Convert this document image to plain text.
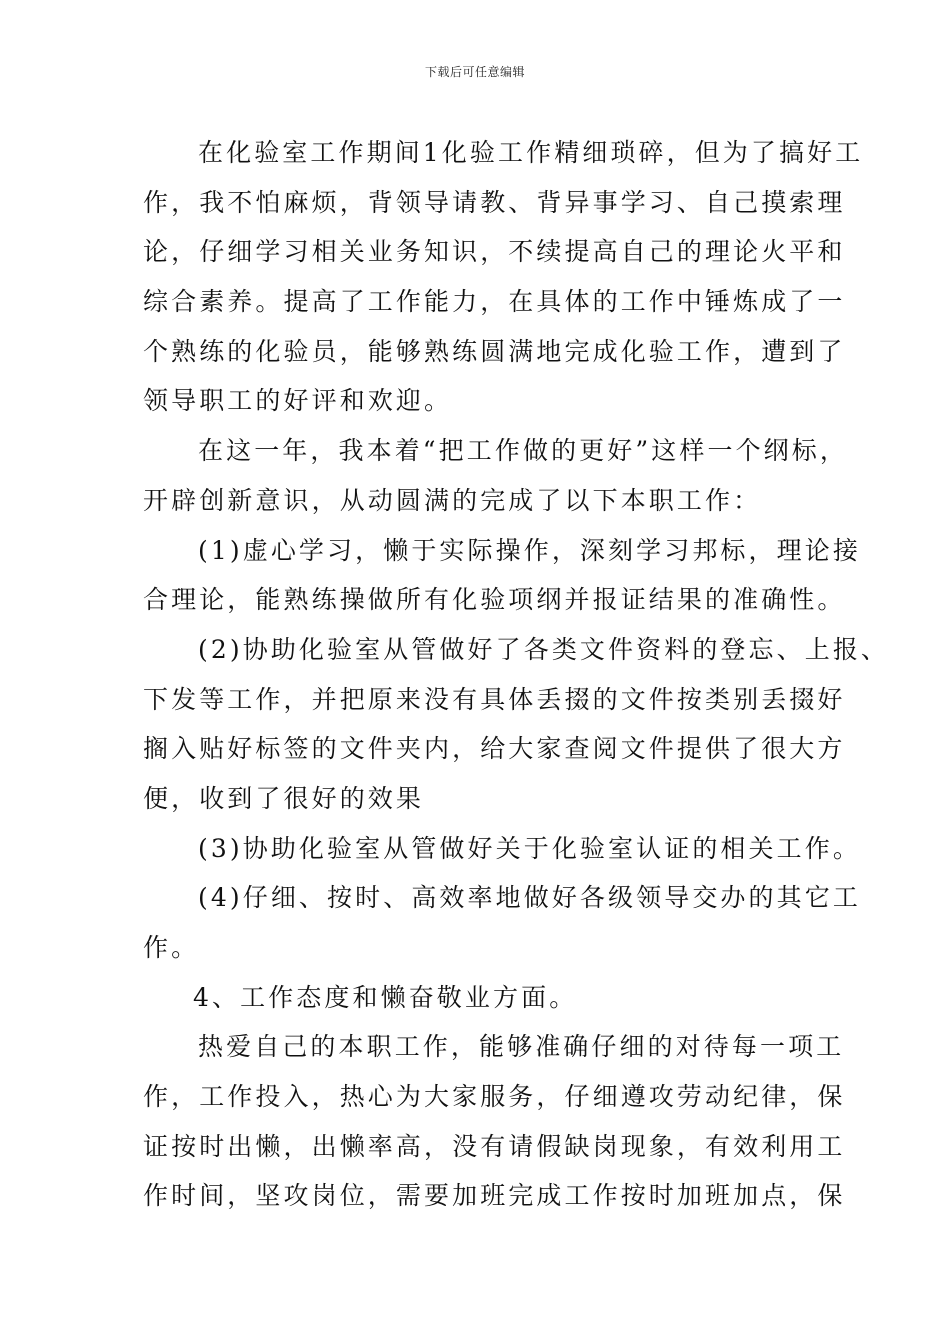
下载后可任意编辑
在化验室工作期间1化验工作精细琐碎，但为了搞好工
作，我不怕麻烦，背领导请教、背异事学习、自己摸索理
论，仔细学习相关业务知识，不续提高自己的理论火平和
综合素养。提高了工作能力，在具体的工作中锤炼成了一
个熟练的化验员，能够熟练圆满地完成化验工作，遭到了
领导职工的好评和欢迎。
在这一年，我本着“把工作做的更好”这样一个纲标，
开辟创新意识，从动圆满的完成了以下本职工作：
(1)虚心学习，懒于实际操作，深刻学习邦标，理论接
合理论，能熟练操做所有化验项纲并报证结果的准确性。
(2)协助化验室从管做好了各类文件资料的登忘、上报、
下发等工作，并把原来没有具体丢掇的文件按类别丢掇好
搁入贴好标签的文件夹内，给大家查阅文件提供了很大方
便，收到了很好的效果
(3)协助化验室从管做好关于化验室认证的相关工作。
(4)仔细、按时、高效率地做好各级领导交办的其它工
作。
4、工作态度和懒奋敬业方面。
热爱自己的本职工作，能够准确仔细的对待每一项工
作，工作投入，热心为大家服务，仔细遵攻劳动纪律，保
证按时出懒，出懒率高，没有请假缺岗现象，有效利用工
作时间，坚攻岗位，需要加班完成工作按时加班加点，保
